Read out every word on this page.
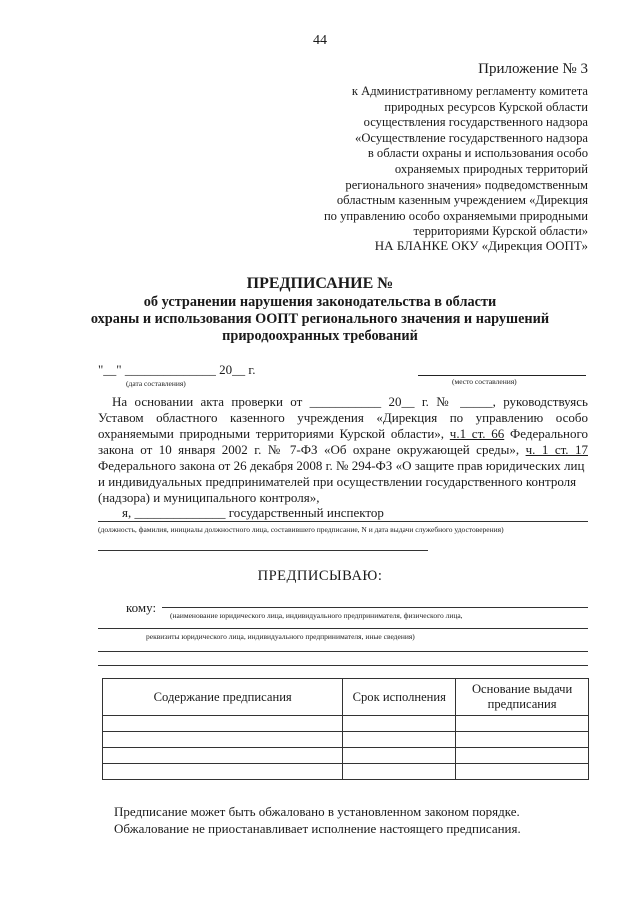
44
Приложение № 3
к Административному регламенту комитета
природных ресурсов Курской области
осуществления государственного надзора
«Осуществление государственного надзора
в области охраны и использования особо
охраняемых природных территорий
регионального значения» подведомственным
областным казенным учреждением «Дирекция
по управлению особо охраняемыми природными
территориями Курской области»
НА БЛАНКЕ ОКУ «Дирекция ООПТ»
ПРЕДПИСАНИЕ №
об устранении нарушения законодательства в области
охраны и использования ООПТ регионального значения и нарушений
природоохранных требований
"__" ______________ 20__ г.
(дата составления)	(место составления)
На основании акта проверки от ___________ 20__ г. № _____, руководствуясь
Уставом областного казенного учреждения «Дирекция по управлению особо
охраняемыми природными территориями Курской области», ч.1 ст. 66 Федерального
закона от 10 января 2002 г. № 7-ФЗ «Об охране окружающей среды», ч. 1 ст. 17
Федерального закона от 26 декабря 2008 г. № 294-ФЗ «О защите прав юридических лиц
и индивидуальных предпринимателей при осуществлении государственного контроля
(надзора) и муниципального контроля»,
я, ______________ государственный инспектор
(должность, фамилия, инициалы должностного лица, составившего предписание, N и дата выдачи служебного удостоверения)
ПРЕДПИСЫВАЮ:
кому:
(наименование юридического лица, индивидуального предпринимателя, физического лица,
реквизиты юридического лица, индивидуального предпринимателя, иные сведения)
Содержание предписания	Срок исполнения	Основание выдачи предписания

Предписание может быть обжаловано в установленном законом порядке.
Обжалование не приостанавливает исполнение настоящего предписания.
